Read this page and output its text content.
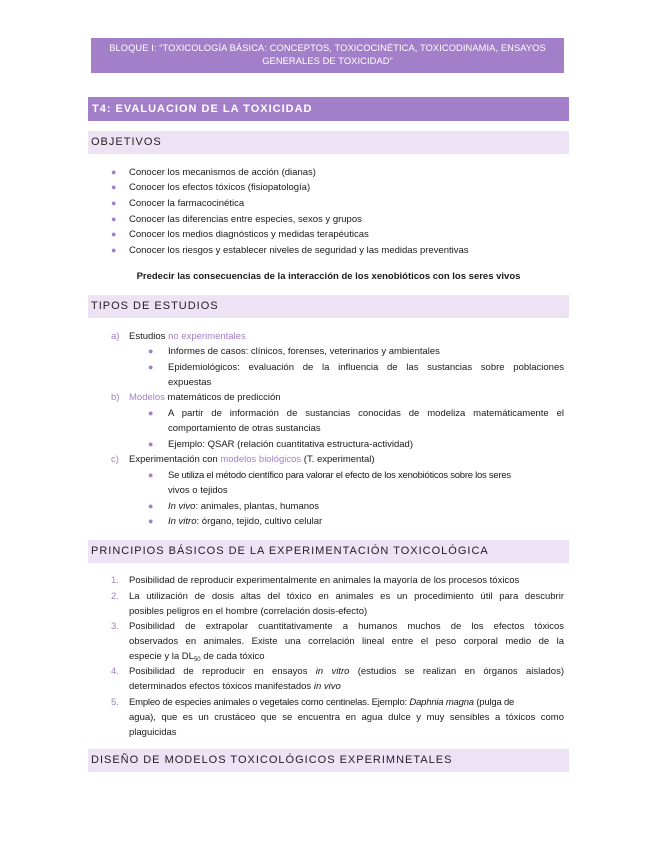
BLOQUE I: “TOXICOLOGÍA BÁSICA: CONCEPTOS, TOXICOCINÉTICA, TOXICODINAMIA, ENSAYOS
GENERALES DE TOXICIDAD”
T4: EVALUACION DE LA TOXICIDAD
OBJETIVOS
● Conocer los mecanismos de acción (dianas)
● Conocer los efectos tóxicos (fisiopatología)
● Conocer la farmacocinética
● Conocer las diferencias entre especies, sexos y grupos
● Conocer los medios diagnósticos y medidas terapéuticas
● Conocer los riesgos y establecer niveles de seguridad y las medidas preventivas
Predecir las consecuencias de la interacción de los xenobióticos con los seres vivos
TIPOS DE ESTUDIOS
a) Estudios no experimentales
● Informes de casos: clínicos, forenses, veterinarios y ambientales
● Epidemiológicos: evaluación de la influencia de las sustancias sobre poblaciones
expuestas
b) Modelos matemáticos de predicción
● A partir de información de sustancias conocidas de modeliza matemáticamente el
comportamiento de otras sustancias
● Ejemplo: QSAR (relación cuantitativa estructura-actividad)
c) Experimentación con modelos biológicos (T. experimental)
● Se utiliza el método científico para valorar el efecto de los xenobióticos sobre los seres
vivos o tejidos
● In vivo: animales, plantas, humanos
● In vitro: órgano, tejido, cultivo celular
PRINCIPIOS BÁSICOS DE LA EXPERIMENTACIÓN TOXICOLÓGICA
1. Posibilidad de reproducir experimentalmente en animales la mayoría de los procesos tóxicos
2. La utilización de dosis altas del tóxico en animales es un procedimiento útil para descubrir
posibles peligros en el hombre (correlación dosis-efecto)
3. Posibilidad de extrapolar cuantitativamente a humanos muchos de los efectos tóxicos
observados en animales. Existe una correlación lineal entre el peso corporal medio de la
especie y la $DL_{50}$ de cada tóxico
4. Posibilidad de reproducir en ensayos in vitro (estudios se realizan en órganos aislados)
determinados efectos tóxicos manifestados in vivo
5. Empleo de especies animales o vegetales como centinelas. Ejemplo: Daphnia magna (pulga de
agua), que es un crustáceo que se encuentra en agua dulce y muy sensibles a tóxicos como
plaguicidas
DISEÑO DE MODELOS TOXICOLÓGICOS EXPERIMNETALES
